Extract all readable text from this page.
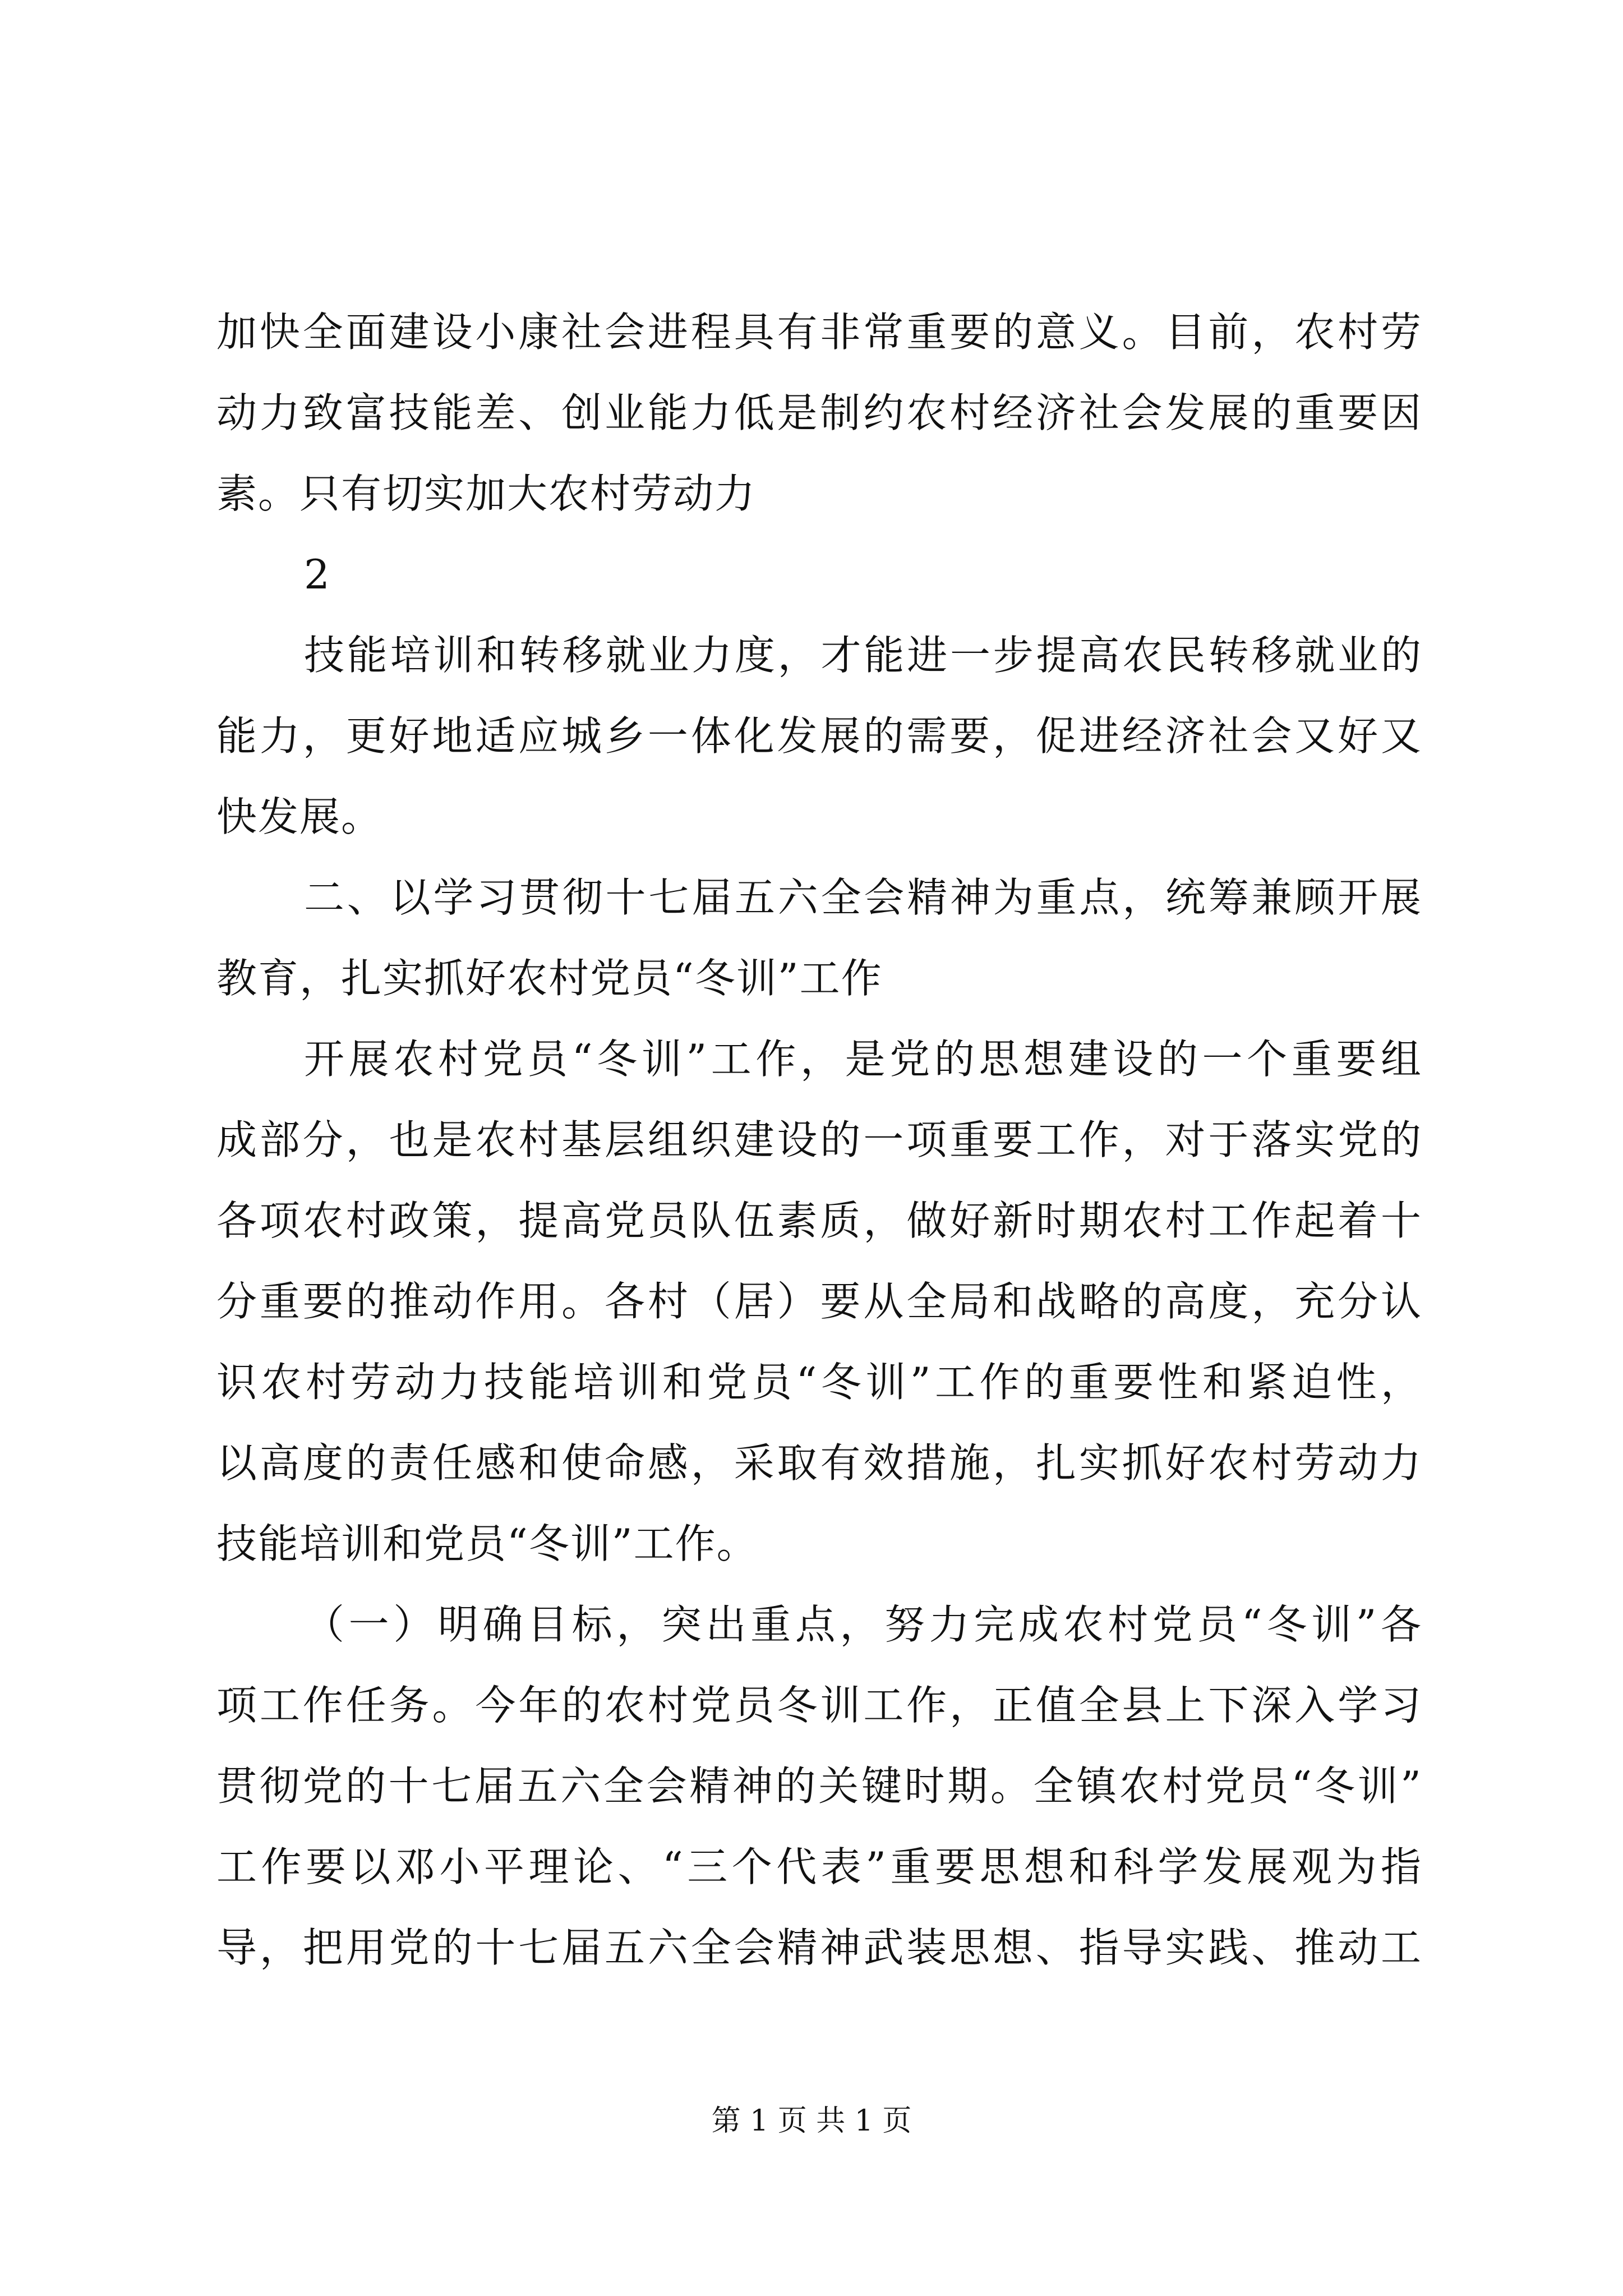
加快全面建设小康社会进程具有非常重要的意义。目前，农村劳
动力致富技能差、创业能力低是制约农村经济社会发展的重要因
素。只有切实加大农村劳动力
2
技能培训和转移就业力度，才能进一步提高农民转移就业的
能力，更好地适应城乡一体化发展的需要，促进经济社会又好又
快发展。
二、以学习贯彻十七届五六全会精神为重点，统筹兼顾开展
教育，扎实抓好农村党员“冬训”工作
开展农村党员“冬训”工作，是党的思想建设的一个重要组
成部分，也是农村基层组织建设的一项重要工作，对于落实党的
各项农村政策，提高党员队伍素质，做好新时期农村工作起着十
分重要的推动作用。各村（居）要从全局和战略的高度，充分认
识农村劳动力技能培训和党员“冬训”工作的重要性和紧迫性，
以高度的责任感和使命感，采取有效措施，扎实抓好农村劳动力
技能培训和党员“冬训”工作。
（一）明确目标，突出重点，努力完成农村党员“冬训”各
项工作任务。今年的农村党员冬训工作，正值全县上下深入学习
贯彻党的十七届五六全会精神的关键时期。全镇农村党员“冬训”
工作要以邓小平理论、“三个代表”重要思想和科学发展观为指
导，把用党的十七届五六全会精神武装思想、指导实践、推动工
第 1 页 共 1 页
